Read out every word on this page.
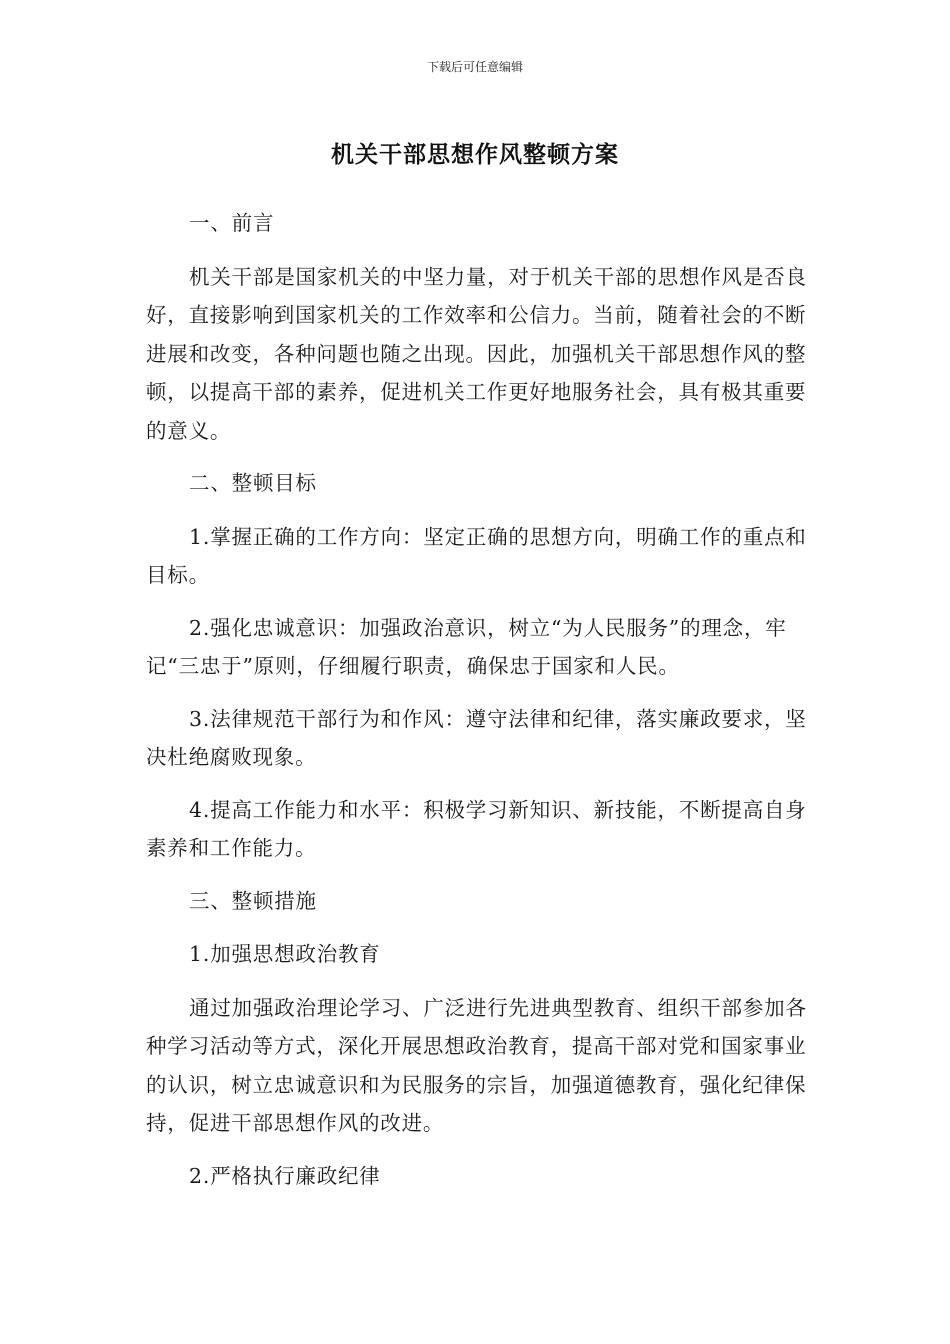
下载后可任意编辑
机关干部思想作风整顿方案

一、前言

机关干部是国家机关的中坚力量，对于机关干部的思想作风是否良好，直接影响到国家机关的工作效率和公信力。当前，随着社会的不断进展和改变，各种问题也随之出现。因此，加强机关干部思想作风的整顿，以提高干部的素养，促进机关工作更好地服务社会，具有极其重要的意义。

二、整顿目标

1.掌握正确的工作方向：坚定正确的思想方向，明确工作的重点和目标。

2.强化忠诚意识：加强政治意识，树立“为人民服务”的理念，牢记“三忠于”原则，仔细履行职责，确保忠于国家和人民。

3.法律规范干部行为和作风：遵守法律和纪律，落实廉政要求，坚决杜绝腐败现象。

4.提高工作能力和水平：积极学习新知识、新技能，不断提高自身素养和工作能力。

三、整顿措施

1.加强思想政治教育

通过加强政治理论学习、广泛进行先进典型教育、组织干部参加各种学习活动等方式，深化开展思想政治教育，提高干部对党和国家事业的认识，树立忠诚意识和为民服务的宗旨，加强道德教育，强化纪律保持，促进干部思想作风的改进。

2.严格执行廉政纪律
